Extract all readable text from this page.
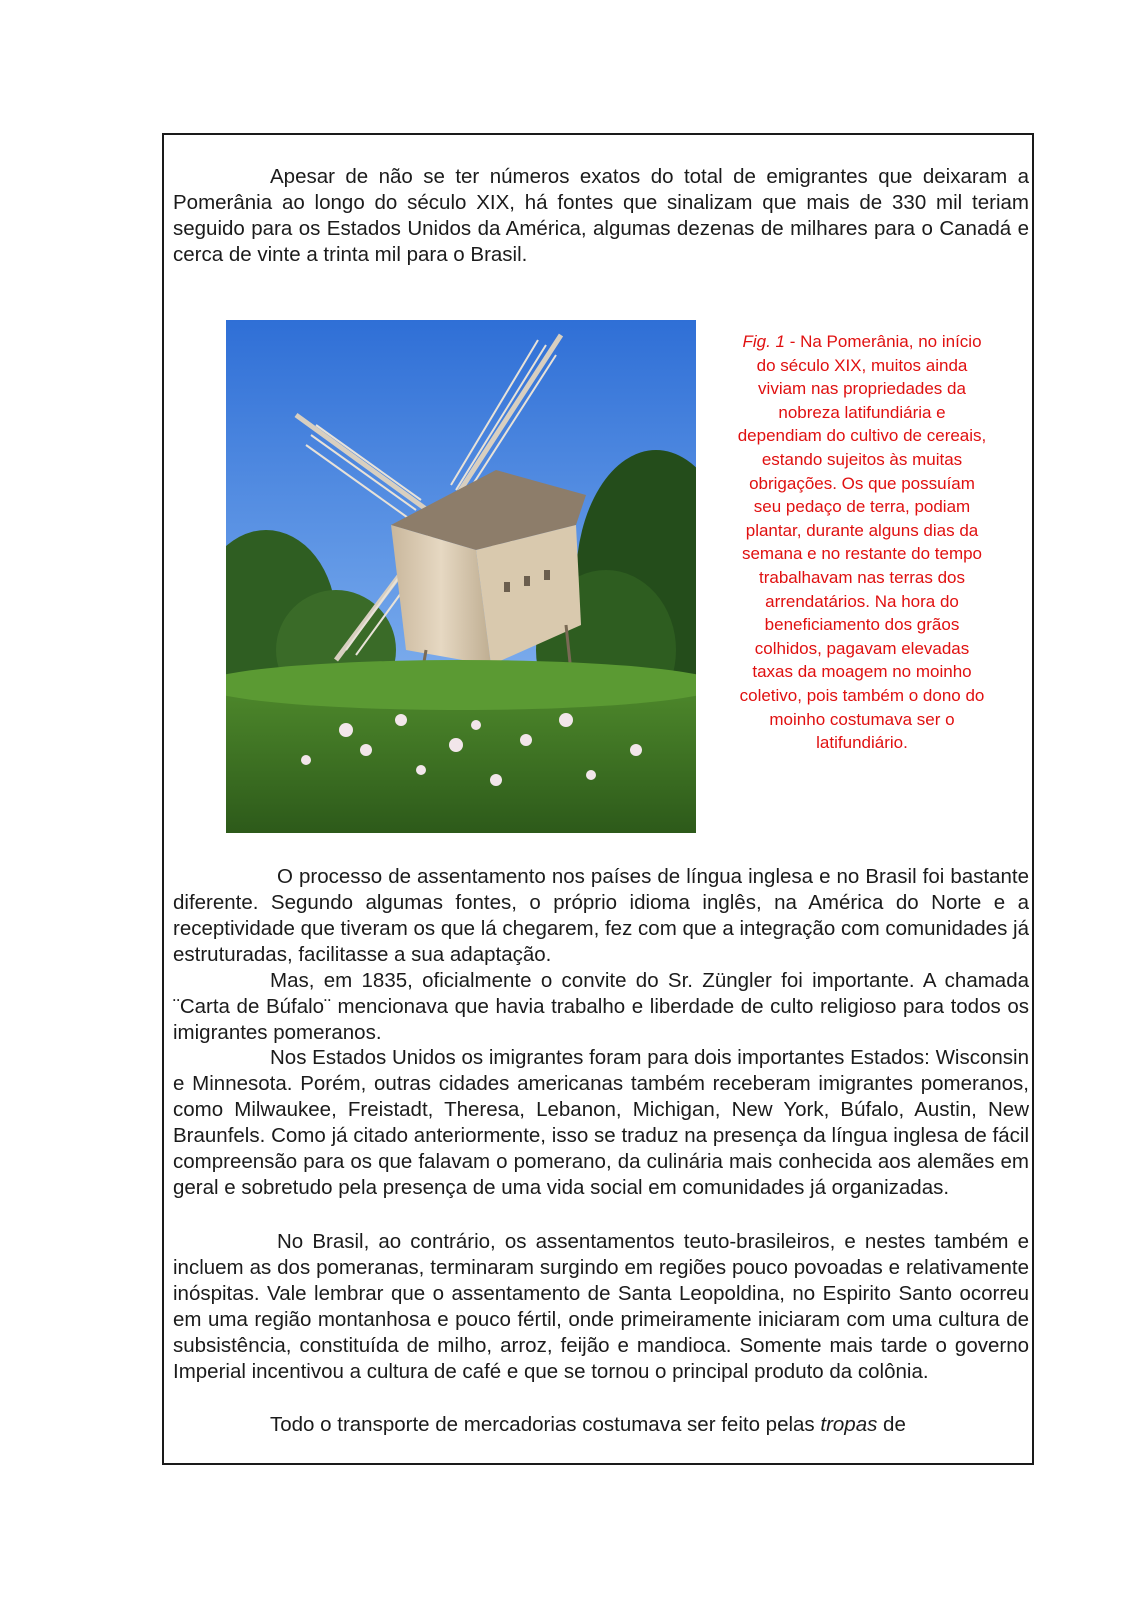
Apesar de não se ter números exatos do total de emigrantes que deixaram a Pomerânia ao longo do século XIX, há fontes que sinalizam que mais de 330 mil teriam seguido para os Estados Unidos da América, algumas dezenas de milhares para o Canadá e cerca de vinte a trinta mil para o Brasil.

Fig. 1 - Na Pomerânia, no início do século XIX, muitos ainda viviam nas propriedades da nobreza latifundiária e dependiam do cultivo de cereais, estando sujeitos às muitas obrigações. Os que possuíam seu pedaço de terra, podiam plantar, durante alguns dias da semana e no restante do tempo trabalhavam nas terras dos arrendatários. Na hora do beneficiamento dos grãos colhidos, pagavam elevadas taxas da moagem no moinho coletivo, pois também o dono do moinho costumava ser o latifundiário.

O processo de assentamento nos países de língua inglesa e no Brasil foi bastante diferente. Segundo algumas fontes, o próprio idioma inglês, na América do Norte e a receptividade que tiveram os que lá chegarem, fez com que a integração com comunidades já estruturadas, facilitasse a sua adaptação.

Mas, em 1835, oficialmente o convite do Sr. Züngler foi importante. A chamada ¨Carta de Búfalo¨ mencionava que havia trabalho e liberdade de culto religioso para todos os imigrantes pomeranos.

Nos Estados Unidos os imigrantes foram para dois importantes Estados: Wisconsin e Minnesota. Porém, outras cidades americanas também receberam imigrantes pomeranos, como Milwaukee, Freistadt, Theresa, Lebanon, Michigan, New York, Búfalo, Austin, New Braunfels. Como já citado anteriormente, isso se traduz na presença da língua inglesa de fácil compreensão para os que falavam o pomerano, da culinária mais conhecida aos alemães em geral e sobretudo pela presença de uma vida social em comunidades já organizadas.

No Brasil, ao contrário, os assentamentos teuto-brasileiros, e nestes também e incluem as dos pomeranas, terminaram surgindo em regiões pouco povoadas e relativamente inóspitas. Vale lembrar que o assentamento de Santa Leopoldina, no Espirito Santo ocorreu em uma região montanhosa e pouco fértil, onde primeiramente iniciaram com uma cultura de subsistência, constituída de milho, arroz, feijão e mandioca. Somente mais tarde o governo Imperial incentivou a cultura de café e que se tornou o principal produto da colônia.

Todo o transporte de mercadorias costumava ser feito pelas tropas de
